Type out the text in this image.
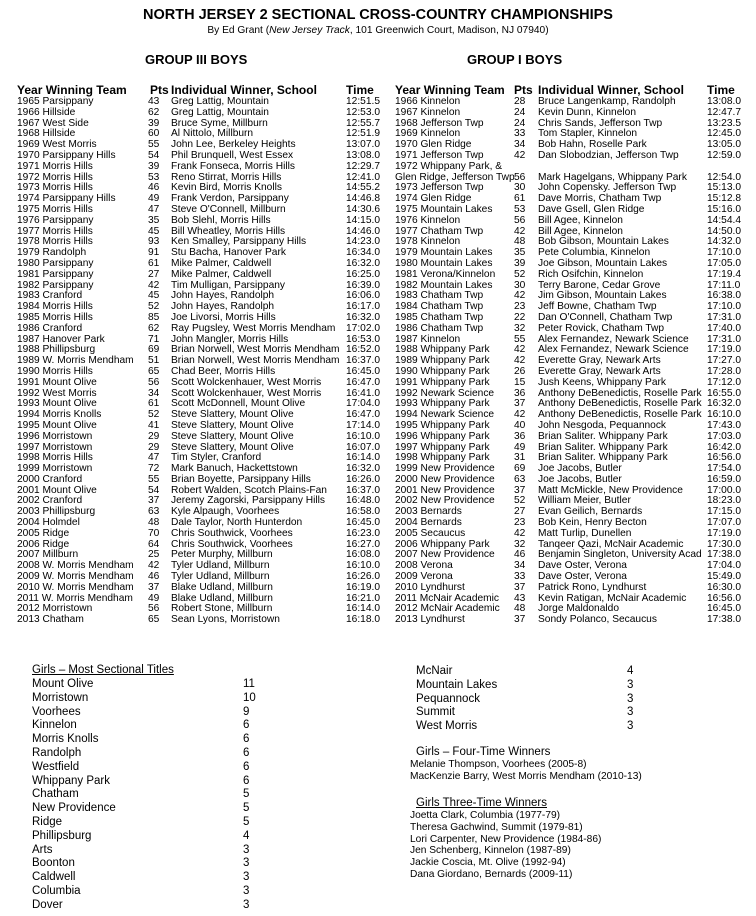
NORTH JERSEY 2 SECTIONAL CROSS-COUNTRY CHAMPIONSHIPS
By Ed Grant (New Jersey Track, 101 Greenwich Court, Madison, NJ 07940)
GROUP III BOYS	GROUP I BOYS
Year Winning Team Pts Individual Winner, School Time
1965 Parsippany	43 Greg Lattig, Mountain	12:51.5
1966 Hillside	62 Greg Lattig, Mountain	12:53.0
1967 West Side	39 Bruce Syme, Millburn	12:55.7
1968 Hillside	60 Al Nittolo, Millburn	12:51.9
1969 West Morris	55 John Lee, Berkeley Heights	13:07.0
1970 Parsippany Hills	54 Phil Brunquell, West Essex	13:08.0
1971 Morris Hills	39 Frank Fonseca, Morris Hills	12:29.7
1972 Morris Hills	53 Reno Stirrat, Morris Hills	12:41.0
1973 Morris Hills	46 Kevin Bird, Morris Knolls	14:55.2
1974 Parsippany Hills	49 Frank Verdon, Parsippany	14:46.8
1975 Morris Hills	47 Steve O'Connell, Millburn	14:30.6
1976 Parsippany	35 Bob Slehl, Morris Hills	14:15.0
1977 Morris Hills	45 Bill Wheatley, Morris Hills	14:46.0
1978 Morris Hills	93 Ken Smalley, Parsippany Hills	14:23.0
1979 Randolph	91 Stu Bacha, Hanover Park	16:34.0
1980 Parsippany	61 Mike Palmer, Caldwell	16:32.0
1981 Parsippany	27 Mike Palmer, Caldwell	16:25.0
1982 Parsippany	42 Tim Mulligan, Parsippany	16:39.0
1983 Cranford	45 John Hayes, Randolph	16:06.0
1984 Morris Hills	52 John Hayes, Randolph	16:17.0
1985 Morris Hills	85 Joe Livorsi, Morris Hills	16:32.0
1986 Cranford	62 Ray Pugsley, West Morris Mendham 17:02.0
1987 Hanover Park	71 John Mangler, Morris Hills	16:53.0
1988 Phillipsburg	69 Brian Norwell, West Morris Mendham 16:52.0
1989 W. Morris Mendham 51 Brian Norwell, West Morris Mendham 16:37.0
1990 Morris Hills	65 Chad Beer, Morris Hills	16:45.0
1991 Mount Olive	56 Scott Wolckenhauer, West Morris 16:47.0
1992 West Morris	34 Scott Wolckenhauer, West Morris 16:41.0
1993 Mount Olive	61 Scott McDonnell, Mount Olive	17:04.0
1994 Morris Knolls	52 Steve Slattery, Mount Olive	16:47.0
1995 Mount Olive	41 Steve Slattery, Mount Olive	17:14.0
1996 Morristown	29 Steve Slattery, Mount Olive	16:10.0
1997 Morristown	29 Steve Slattery, Mount Olive	16:07.0
1998 Morris Hills	47 Tim Styler, Cranford	16:14.0
1999 Morristown	72 Mark Banuch, Hackettstown	16:32.0
2000 Cranford	55 Brian Boyette, Parsippany Hills	16:26.0
2001 Mount Olive	54 Robert Walden, Scotch Plains-Fan 16:37.0
2002 Cranford	37 Jeremy Zagorski, Parsippany Hills 16:48.0
2003 Phillipsburg	63 Kyle Alpaugh, Voorhees	16:58.0
2004 Holmdel	48 Dale Taylor, North Hunterdon	16:45.0
2005 Ridge	70 Chris Southwick, Voorhees	16:23.0
2006 Ridge	64 Chris Southwick, Voorhees	16:27.0
2007 Millburn	25 Peter Murphy, Millburn	16:08.0
2008 W. Morris Mendham 42 Tyler Udland, Millburn	16:10.0
2009 W. Morris Mendham 46 Tyler Udland, Millburn	16:26.0
2010 W. Morris Mendham 37 Blake Udland, Millburn	16:19.0
2011 W. Morris Mendham 49 Blake Udland, Millburn	16:21.0
2012 Morristown	56 Robert Stone, Millburn	16:14.0
2013 Chatham	65 Sean Lyons, Morristown	16:18.0
Year Winning Team Pts Individual Winner, School Time
1966 Kinnelon	28 Bruce Langenkamp, Randolph	13:08.0
1967 Kinnelon	24 Kevin Dunn, Kinnelon	12:47.7
1968 Jefferson Twp	24 Chris Sands, Jefferson Twp	13:23.5
1969 Kinnelon	33 Tom Stapler, Kinnelon	12:45.0
1970 Glen Ridge	34 Bob Hahn, Roselle Park	13:05.0
1971 Jefferson Twp	42 Dan Slobodzian, Jefferson Twp	12:59.0
1972 Whippany Park, &
Glen Ridge, Jefferson Twp 56 Mark Hagelgans, Whippany Park 12:54.0
1973 Jefferson Twp	30 John Copensky. Jefferson Twp	15:13.0
1974 Glen Ridge	61 Dave Morris, Chatham Twp	15:12.8
1975 Mountain Lakes 53 Dave Gsell, Glen Ridge	15:16.0
1976 Kinnelon	56 Bill Agee, Kinnelon	14:54.4
1977 Chatham Twp	42 Bill Agee, Kinnelon	14:50.0
1978 Kinnelon	48 Bob Gibson, Mountain Lakes	14:32.0
1979 Mountain Lakes 35 Pete Columbia, Kinnelon	17:10.0
1980 Mountain Lakes 39 Joe Gibson, Mountain Lakes	17:05.0
1981 Verona/Kinnelon 52 Rich Osifchin, Kinnelon	17:19.4
1982 Mountain Lakes 30 Terry Barone, Cedar Grove	17:11.0
1983 Chatham Twp	42 Jim Gibson, Mountain Lakes	16:38.0
1984 Chatham Twp	23 Jeff Bowne, Chatham Twp	17:10.0
1985 Chatham Twp	22 Dan O'Connell, Chatham Twp	17:31.0
1986 Chatham Twp	32 Peter Rovick, Chatham Twp	17:40.0
1987 Kinnelon	55 Alex Fernandez, Newark Science 17:31.0
1988 Whippany Park 42 Alex Fernandez, Newark Science 17:19.0
1989 Whippany Park 42 Everette Gray, Newark Arts	17:27.0
1990 Whippany Park 26 Everette Gray, Newark Arts	17:28.0
1991 Whippany Park 15 Jush Keens, Whippany Park	17:12.0
1992 Newark Science 36 Anthony DeBenedictis, Roselle Park 16:55.0
1993 Whippany Park 37 Anthony DeBenedictis, Roselle Park 16:32.0
1994 Newark Science 42 Anthony DeBenedictis, Roselle Park 16:10.0
1995 Whippany Park 40 John Nesgoda, Pequannock	17:43.0
1996 Whippany Park 36 Brian Saliter. Whippany Park	17:03.0
1997 Whippany Park 49 Brian Saliter. Whippany Park	16:42.0
1998 Whippany Park 31 Brian Saliter. Whippany Park	16:56.0
1999 New Providence 69 Joe Jacobs, Butler	17:54.0
2000 New Providence 63 Joe Jacobs, Butler	16:59.0
2001 New Providence 37 Matt McMickle, New Providence 17:00.0
2002 New Providence 52 William Meier, Butler	18:23.0
2003 Bernards	27 Evan Geilich, Bernards	17:15.0
2004 Bernards	23 Bob Kein, Henry Becton	17:07.0
2005 Secaucus	42 Matt Turlip, Dunellen	17:19.0
2006 Whippany Park 32 Tanqeer Qazi, McNair Academic 17:30.0
2007 New Providence 46 Benjamin Singleton, University Acad 17:38.0
2008 Verona	34 Dave Oster, Verona	17:04.0
2009 Verona	33 Dave Oster, Verona	15:49.0
2010 Lyndhurst	37 Patrick Rono, Lyndhurst	16:30.0
2011 McNair Academic 43 Kevin Ratigan, McNair Academic 16:56.0
2012 McNair Academic 48 Jorge Maldonaldo	16:45.0
2013 Lyndhurst	37 Sondy Polanco, Secaucus	17:38.0
Girls – Most Sectional Titles
Mount Olive	11
Morristown	10
Voorhees	9
Kinnelon	6
Morris Knolls	6
Randolph	6
Westfield	6
Whippany Park	6
Chatham	5
New Providence	5
Ridge	5
Phillipsburg	4
Arts	3
Boonton	3
Caldwell	3
Columbia	3
Dover	3
McNair	4
Mountain Lakes	3
Pequannock	3
Summit	3
West Morris	3
Girls – Four-Time Winners
Melanie Thompson, Voorhees (2005-8)
MacKenzie Barry, West Morris Mendham (2010-13)
Girls Three-Time Winners
Joetta Clark, Columbia (1977-79)
Theresa Gachwind, Summit (1979-81)
Lori Carpenter, New Providence (1984-86)
Jen Schenberg, Kinnelon (1987-89)
Jackie Coscia, Mt. Olive (1992-94)
Dana Giordano, Bernards (2009-11)
